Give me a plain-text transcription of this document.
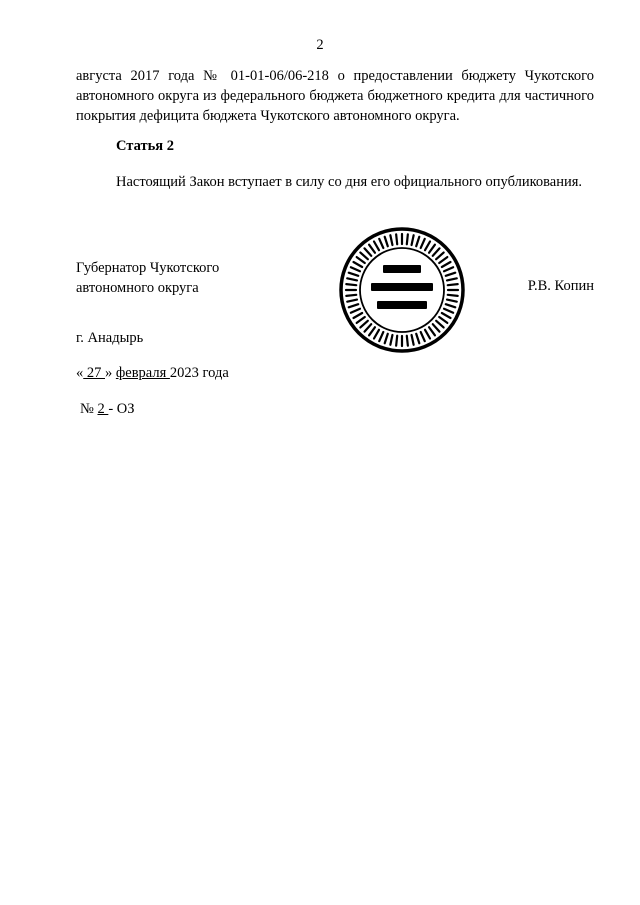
2

августа 2017 года № 01-01-06/06-218 о предоставлении бюджету Чукотского автономного округа из федерального бюджета бюджетного кредита для частичного покрытия дефицита бюджета Чукотского автономного округа.

Статья 2

Настоящий Закон вступает в силу со дня его официального опубликования.

Губернатор Чукотского
автономного округа	Р.В. Копин
г. Анадырь
« 27 » февраля 2023 года
№ 2 - ОЗ
